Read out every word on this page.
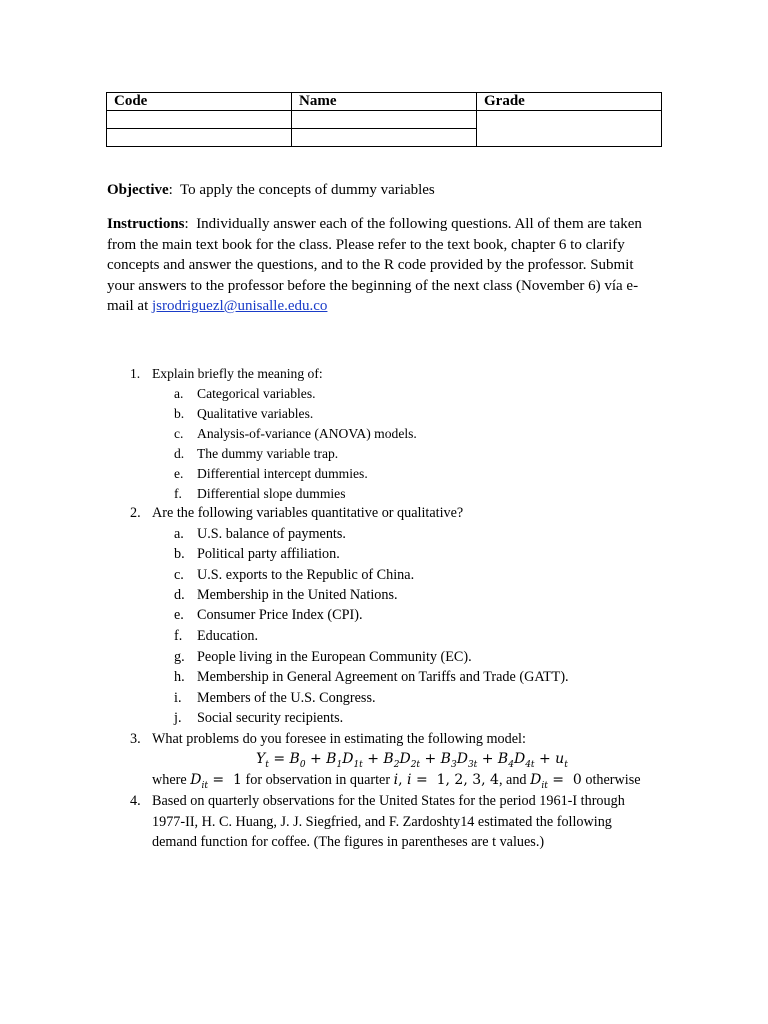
Code	Name	Grade

Objective:  To apply the concepts of dummy variables

Instructions:  Individually answer each of the following questions. All of them are taken from the main text book for the class. Please refer to the text book, chapter 6 to clarify concepts and answer the questions, and to the R code provided by the professor. Submit your answers to the professor before the beginning of the next class (November 6) vía e-mail at jsrodriguezl@unisalle.edu.co

1. Explain briefly the meaning of:
a. Categorical variables.
b. Qualitative variables.
c. Analysis-of-variance (ANOVA) models.
d. The dummy variable trap.
e. Differential intercept dummies.
f. Differential slope dummies
2. Are the following variables quantitative or qualitative?
a. U.S. balance of payments.
b. Political party affiliation.
c. U.S. exports to the Republic of China.
d. Membership in the United Nations.
e. Consumer Price Index (CPI).
f. Education.
g. People living in the European Community (EC).
h. Membership in General Agreement on Tariffs and Trade (GATT).
i. Members of the U.S. Congress.
j. Social security recipients.
3. What problems do you foresee in estimating the following model:
$Y_t = B_0 + B_1D_{1t} + B_2D_{2t} + B_3D_{3t} + B_4D_{4t} + u_t$
where $D_{it} = 1$ for observation in quarter i, i =  1, 2, 3, 4, and $D_{it} = 0$ otherwise
4. Based on quarterly observations for the United States for the period 1961-I through
1977-II, H. C. Huang, J. J. Siegfried, and F. Zardoshty14 estimated the following
demand function for coffee. (The figures in parentheses are t values.)
